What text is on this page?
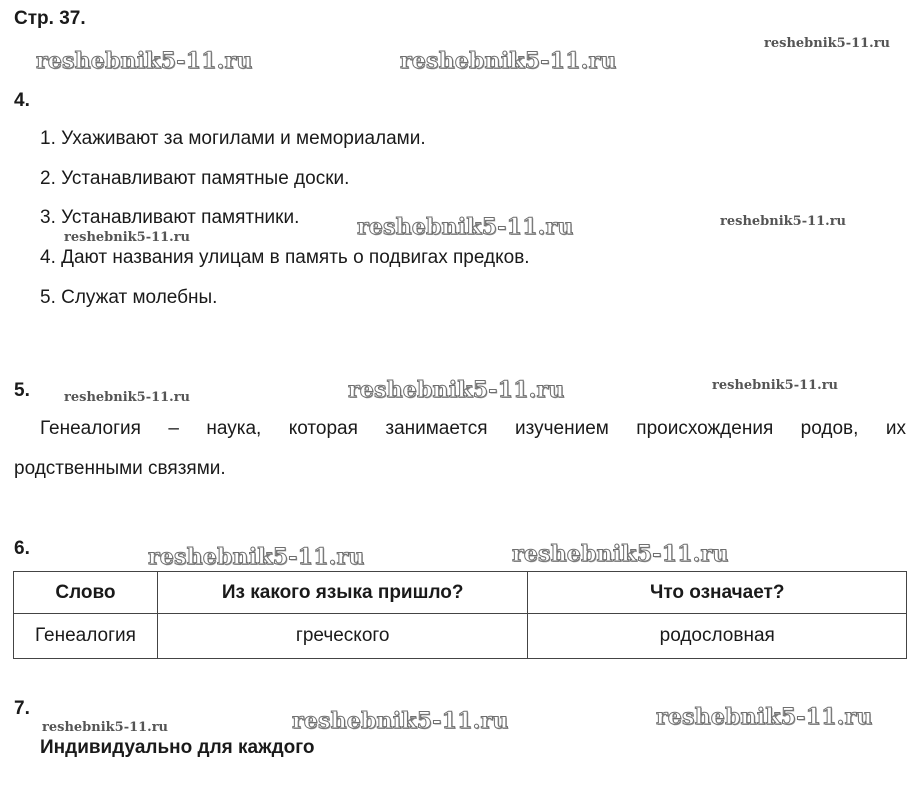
Стр. 37.
reshebnik5-11.ru
reshebnik5-11.ru	reshebnik5-11.ru
4.
1. Ухаживают за могилами и мемориалами.
2. Устанавливают памятные доски.
3. Устанавливают памятники.
4. Дают названия улицам в память о подвигах предков.
5. Служат молебны.
reshebnik5-11.ru	reshebnik5-11.ru
reshebnik5-11.ru
5.	reshebnik5-11.ru	reshebnik5-11.ru	reshebnik5-11.ru
Генеалогия – наука, которая занимается изучением происхождения родов, их
родственными связями.
6.	reshebnik5-11.ru	reshebnik5-11.ru
Слово	Из какого языка пришло?	Что означает?
Генеалогия	греческого	родословная
7.
reshebnik5-11.ru	reshebnik5-11.ru	reshebnik5-11.ru
Индивидуально для каждого
